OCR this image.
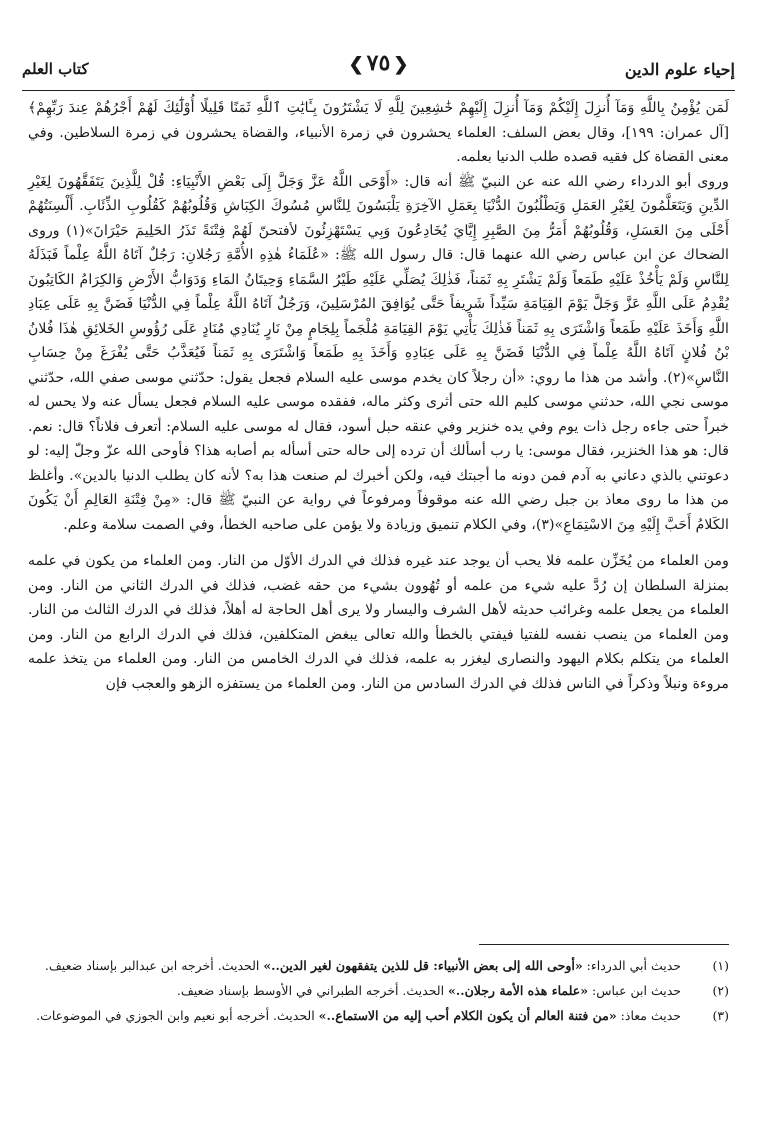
إحياء علوم الدين
❮٧٥❯
كتاب العلم

لَمَن يُؤْمِنُ بِاللَّهِ وَمَآ أُنزِلَ إِلَيْكُمْ وَمَآ أُنزِلَ إِلَيْهِمْ خَٰشِعِينَ لِلَّهِ لَا يَشْتَرُونَ بِـَٔايَٰتِ ٱللَّهِ ثَمَنًا قَلِيلًا أُوْلَٰٓئِكَ لَهُمْ أَجْرُهُمْ عِندَ رَبِّهِمْ﴾ [آل عمران: ١٩٩]، وقال بعض السلف: العلماء يحشرون في زمرة الأنبياء، والقضاة يحشرون في زمرة السلاطين. وفي معنى القضاة كل فقيه قصده طلب الدنيا بعلمه.

وروى أبو الدرداء رضي الله عنه عن النبيّ ﷺ أنه قال: «أَوْحَى اللَّهُ عَزَّ وَجَلَّ إِلَى بَعْضِ الأَنْبِيَاءِ: قُلْ لِلَّذِينَ يَتَفَقَّهُونَ لِغَيْرِ الدِّينِ وَيَتَعَلَّمُونَ لِغَيْرِ العَمَلِ وَيَطْلُبُونَ الدُّنْيَا بِعَمَلِ الآخِرَةِ يَلْبَسُونَ لِلنَّاسِ مُسُوكَ الكِبَاشِ وَقُلُوبُهُمْ كَقُلُوبِ الذِّئَابِ. أَلْسِنَتُهُمْ أَحْلَى مِنَ العَسَلِ، وَقُلُوبُهُمْ أَمَرُّ مِنَ الصَّبِرِ إِيَّايَ يُخَادِعُونَ وَبِي يَسْتَهْزِئُونَ لأفتحنّ لَهُمْ فِتْنَةً تَذَرُ الحَلِيمَ حَيْرَانَ»(١) وروى الضحاك عن ابن عباس رضي الله عنهما قال: قال رسول الله ﷺ: «عُلَمَاءُ هٰذِهِ الأُمَّةِ رَجُلانِ: رَجُلٌ آتَاهُ اللَّهُ عِلْماً فَبَذَلَهُ لِلنَّاسِ وَلَمْ يَأْخُذْ عَلَيْهِ طَمَعاً وَلَمْ يَشْتَرِ بِهِ ثَمَناً، فَذٰلِكَ يُصَلِّي عَلَيْهِ طَيْرُ السَّمَاءِ وَحِيتَانُ المَاءِ وَدَوَابُّ الأَرْضِ وَالكِرَامُ الكَاتِبُونَ يُقْدِمُ عَلَى اللَّهِ عَزَّ وَجَلَّ يَوْمَ القِيَامَةِ سَيِّداً شَرِيفاً حَتَّى يُوَافِقَ المُرْسَلِينَ، وَرَجُلٌ آتَاهُ اللَّهُ عِلْماً فِي الدُّنْيَا فَضَنَّ بِهِ عَلَى عِبَادِ اللَّهِ وَأَخَذَ عَلَيْهِ طَمَعاً وَاشْتَرَى بِهِ ثَمَناً فَذٰلِكَ يَأْتِي يَوْمَ القِيَامَةِ مُلْجَماً بِلِجَامٍ مِنْ نَارٍ يُنَادِي مُنَادٍ عَلَى رُؤُوسِ الخَلائِقِ هٰذَا فُلانُ بْنُ فُلانٍ آتَاهُ اللَّهُ عِلْماً فِي الدُّنْيَا فَضَنَّ بِهِ عَلَى عِبَادِهِ وَأَخَذَ بِهِ طَمَعاً وَاشْتَرَى بِهِ ثَمَناً فَيُعَذَّبُ حَتَّى يُفْرَغَ مِنْ حِسَابِ النَّاسِ»(٢). وأشد من هذا ما روي: «أن رجلاً كان يخدم موسى عليه السلام فجعل يقول: حدّثني موسى صفي الله، حدّثني موسى نجي الله، حدثني موسى كليم الله حتى أثرى وكثر ماله، ففقده موسى عليه السلام فجعل يسأل عنه ولا يحس له خبراً حتى جاءه رجل ذات يوم وفي يده خنزير وفي عنقه حبل أسود، فقال له موسى عليه السلام: أتعرف فلاناً؟ قال: نعم. قال: هو هذا الخنزير، فقال موسى: يا رب أسألك أن ترده إلى حاله حتى أسأله بم أصابه هذا؟ فأوحى الله عزّ وجلّ إليه: لو دعوتني بالذي دعاني به آدم فمن دونه ما أجبتك فيه، ولكن أخبرك لم صنعت هذا به؟ لأنه كان يطلب الدنيا بالدين». وأغلظ من هذا ما روى معاذ بن جبل رضي الله عنه موقوفاً ومرفوعاً في رواية عن النبيّ ﷺ قال: «مِنْ فِتْنَةِ العَالِمِ أَنْ يَكُونَ الكَلامُ أَحَبَّ إِلَيْهِ مِنَ الاسْتِمَاعِ»(٣)، وفي الكلام تنميق وزيادة ولا يؤمن على صاحبه الخطأ، وفي الصمت سلامة وعلم.

ومن العلماء من يُخَزِّن علمه فلا يحب أن يوجد عند غيره فذلك في الدرك الأوّل من النار. ومن العلماء من يكون في علمه بمنزلة السلطان إن رُدَّ عليه شيء من علمه أو تُهُوون بشيء من حقه غضب، فذلك في الدرك الثاني من النار. ومن العلماء من يجعل علمه وغرائب حديثه لأهل الشرف واليسار ولا يرى أهل الحاجة له أهلاً، فذلك في الدرك الثالث من النار. ومن العلماء من ينصب نفسه للفتيا فيفتي بالخطأ والله تعالى يبغض المتكلفين، فذلك في الدرك الرابع من النار. ومن العلماء من يتكلم بكلام اليهود والنصارى ليغزر به علمه، فذلك في الدرك الخامس من النار. ومن العلماء من يتخذ علمه مروءة ونبلاً وذكراً في الناس فذلك في الدرك السادس من النار. ومن العلماء من يستفزه الزهو والعجب فإن

(١)
حديث أبي الدرداء: «أوحى الله إلى بعض الأنبياء: قل للذين يتفقهون لغير الدين..» الحديث. أخرجه ابن عبدالبر بإسناد ضعيف.
(٢)
حديث ابن عباس: «علماء هذه الأمة رجلان..» الحديث. أخرجه الطبراني في الأوسط بإسناد ضعيف.
(٣)
حديث معاذ: «من فتنة العالم أن يكون الكلام أحب إليه من الاستماع..» الحديث. أخرجه أبو نعيم وابن الجوزي في الموضوعات.
